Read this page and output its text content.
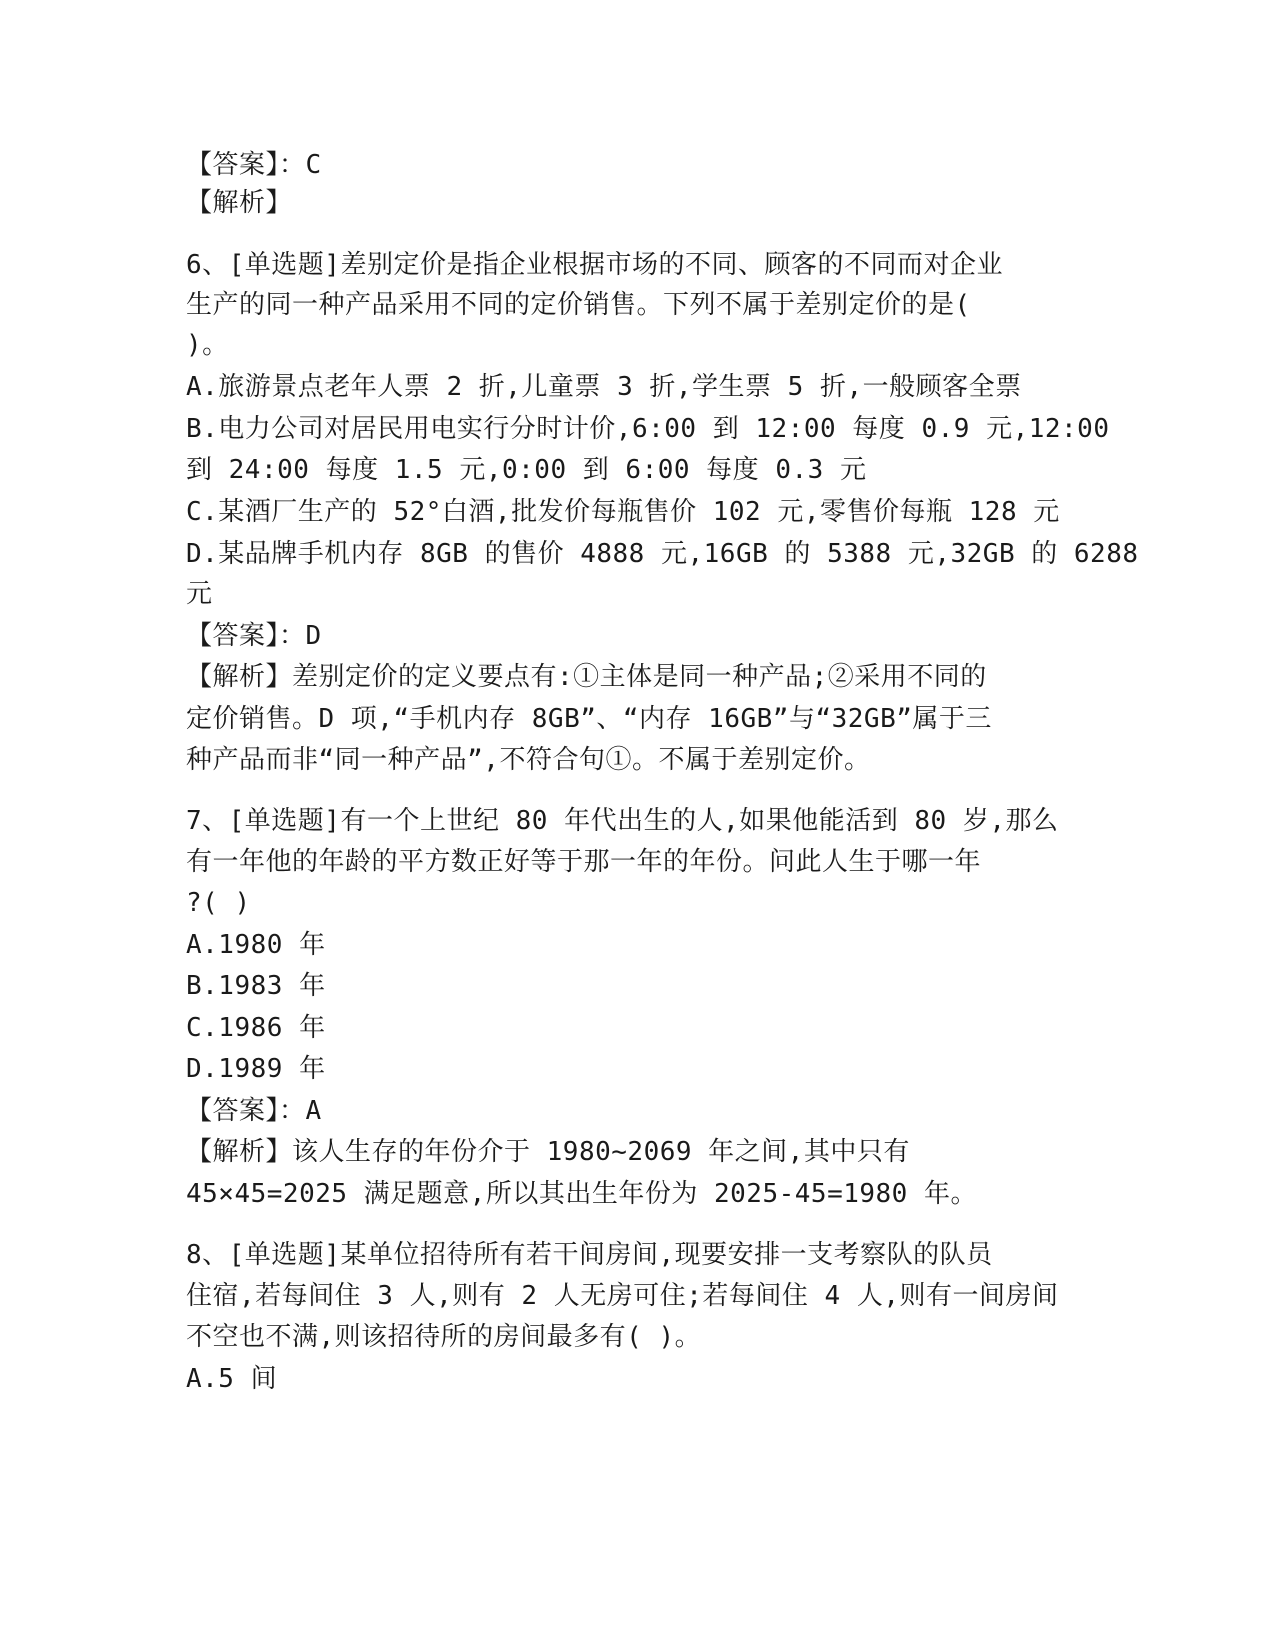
【答案】：C
【解析】
6、[单选题]差别定价是指企业根据市场的不同、顾客的不同而对企业
生产的同一种产品采用不同的定价销售。下列不属于差别定价的是(
)。
A.旅游景点老年人票 2 折,儿童票 3 折,学生票 5 折,一般顾客全票
B.电力公司对居民用电实行分时计价,6:00 到 12:00 每度 0.9 元,12:00
到 24:00 每度 1.5 元,0:00 到 6:00 每度 0.3 元
C.某酒厂生产的 52°白酒,批发价每瓶售价 102 元,零售价每瓶 128 元
D.某品牌手机内存 8GB 的售价 4888 元,16GB 的 5388 元,32GB 的 6288
元
【答案】：D
【解析】差别定价的定义要点有:①主体是同一种产品;②采用不同的
定价销售。D 项,“手机内存 8GB”、“内存 16GB”与“32GB”属于三
种产品而非“同一种产品”,不符合句①。不属于差别定价。
7、[单选题]有一个上世纪 80 年代出生的人,如果他能活到 80 岁,那么
有一年他的年龄的平方数正好等于那一年的年份。问此人生于哪一年
?( )
A.1980 年
B.1983 年
C.1986 年
D.1989 年
【答案】：A
【解析】该人生存的年份介于 1980~2069 年之间,其中只有
45×45=2025 满足题意,所以其出生年份为 2025-45=1980 年。
8、[单选题]某单位招待所有若干间房间,现要安排一支考察队的队员
住宿,若每间住 3 人,则有 2 人无房可住;若每间住 4 人,则有一间房间
不空也不满,则该招待所的房间最多有( )。
A.5 间
